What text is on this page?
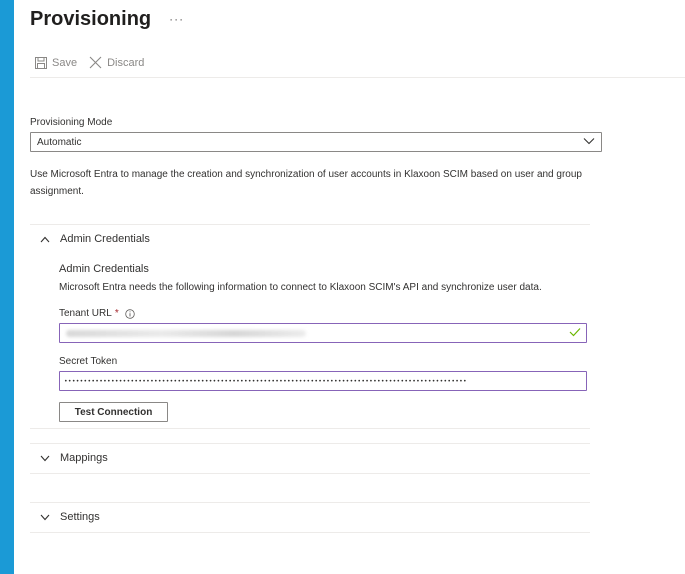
Provisioning ···
Save	Discard
Provisioning Mode
Automatic
Use Microsoft Entra to manage the creation and synchronization of user accounts in Klaxoon SCIM based on user and group assignment.
Admin Credentials
Admin Credentials
Microsoft Entra needs the following information to connect to Klaxoon SCIM's API and synchronize user data.
Tenant URL *
Secret Token
•••••••••••••••••••••••••••••••••••••••••••••••••••••••••••••••••••••••••••••••••••••••••••••••••••••••
Test Connection
Mappings
Settings
